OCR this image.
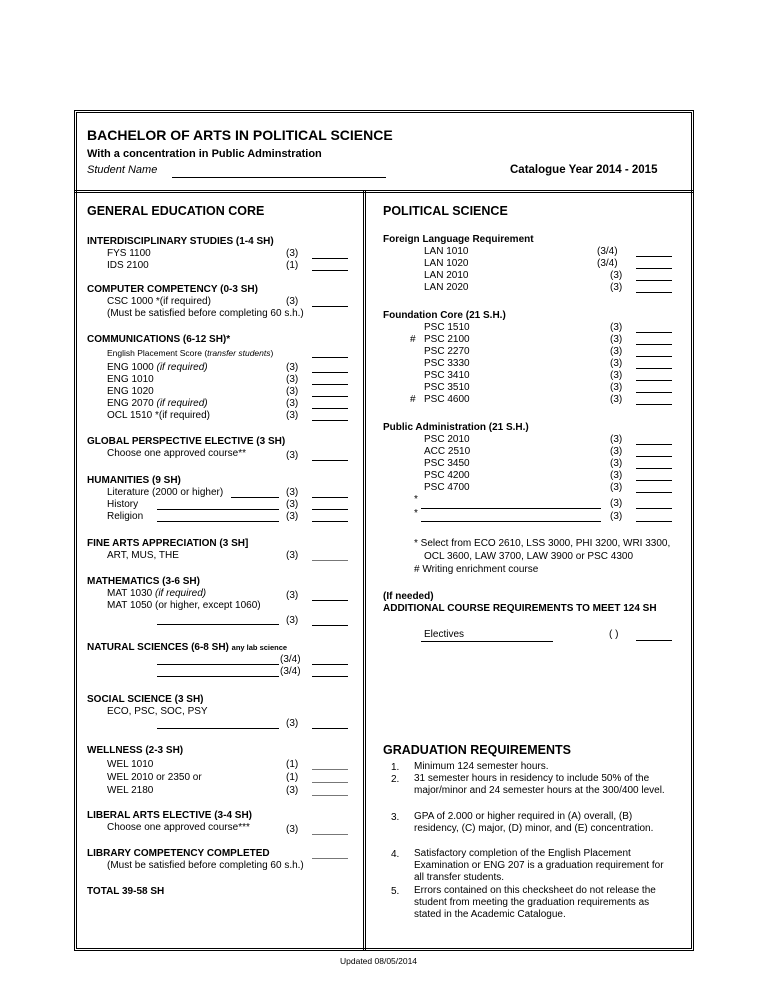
BACHELOR OF ARTS IN POLITICAL SCIENCE
With a concentration in Public Adminstration
Student Name	Catalogue Year 2014 - 2015
GENERAL EDUCATION CORE
INTERDISCIPLINARY STUDIES (1-4 SH)
FYS 1100	(3)
IDS 2100	(1)
COMPUTER COMPETENCY (0-3 SH)
CSC 1000 *(if required)	(3)
(Must be satisfied before completing 60 s.h.)
COMMUNICATIONS (6-12 SH)*
English Placement Score (transfer students)
ENG 1000 (if required)	(3)
ENG 1010	(3)
ENG 1020	(3)
ENG 2070 (if required)	(3)
OCL 1510 *(if required)	(3)
GLOBAL PERSPECTIVE ELECTIVE (3 SH)
Choose one approved course**	(3)
HUMANITIES (9 SH)
Literature (2000 or higher)	(3)
History	(3)
Religion	(3)
FINE ARTS APPRECIATION (3 SH]
ART, MUS, THE	(3)
MATHEMATICS (3-6 SH)
MAT 1030 (if required)	(3)
MAT 1050 (or higher, except 1060)
(3)
NATURAL SCIENCES (6-8 SH) any lab science
(3/4)
(3/4)
SOCIAL SCIENCE (3 SH)
ECO, PSC, SOC, PSY
(3)
WELLNESS (2-3 SH)
WEL 1010	(1)
WEL 2010 or 2350 or	(1)
WEL 2180	(3)
LIBERAL ARTS ELECTIVE (3-4 SH)
Choose one approved course***	(3)
LIBRARY COMPETENCY COMPLETED
(Must be satisfied before completing 60 s.h.)
TOTAL 39-58 SH
POLITICAL SCIENCE
Foreign Language Requirement
LAN 1010	(3/4)
LAN 1020	(3/4)
LAN 2010	(3)
LAN 2020	(3)
Foundation Core (21 S.H.)
PSC 1510	(3)
# PSC 2100	(3)
PSC 2270	(3)
PSC 3330	(3)
PSC 3410	(3)
PSC 3510	(3)
# PSC 4600	(3)
Public Administration (21 S.H.)
PSC 2010	(3)
ACC 2510	(3)
PSC 3450	(3)
PSC 4200	(3)
PSC 4700	(3)
*	(3)
*	(3)
* Select from ECO 2610, LSS 3000, PHI 3200, WRI 3300,
OCL 3600, LAW 3700, LAW 3900 or PSC 4300
# Writing enrichment course
(If needed)
ADDITIONAL COURSE REQUIREMENTS TO MEET 124 SH
Electives	( )
GRADUATION REQUIREMENTS
1. Minimum 124 semester hours.
2. 31 semester hours in residency to include 50% of the major/minor and 24 semester hours at the 300/400 level.
3. GPA of 2.000 or higher required in (A) overall, (B) residency, (C) major, (D) minor, and (E) concentration.
4. Satisfactory completion of the English Placement Examination or ENG 207 is a graduation requirement for all transfer students.
5. Errors contained on this checksheet do not release the student from meeting the graduation requirements as stated in the Academic Catalogue.
Updated 08/05/2014
